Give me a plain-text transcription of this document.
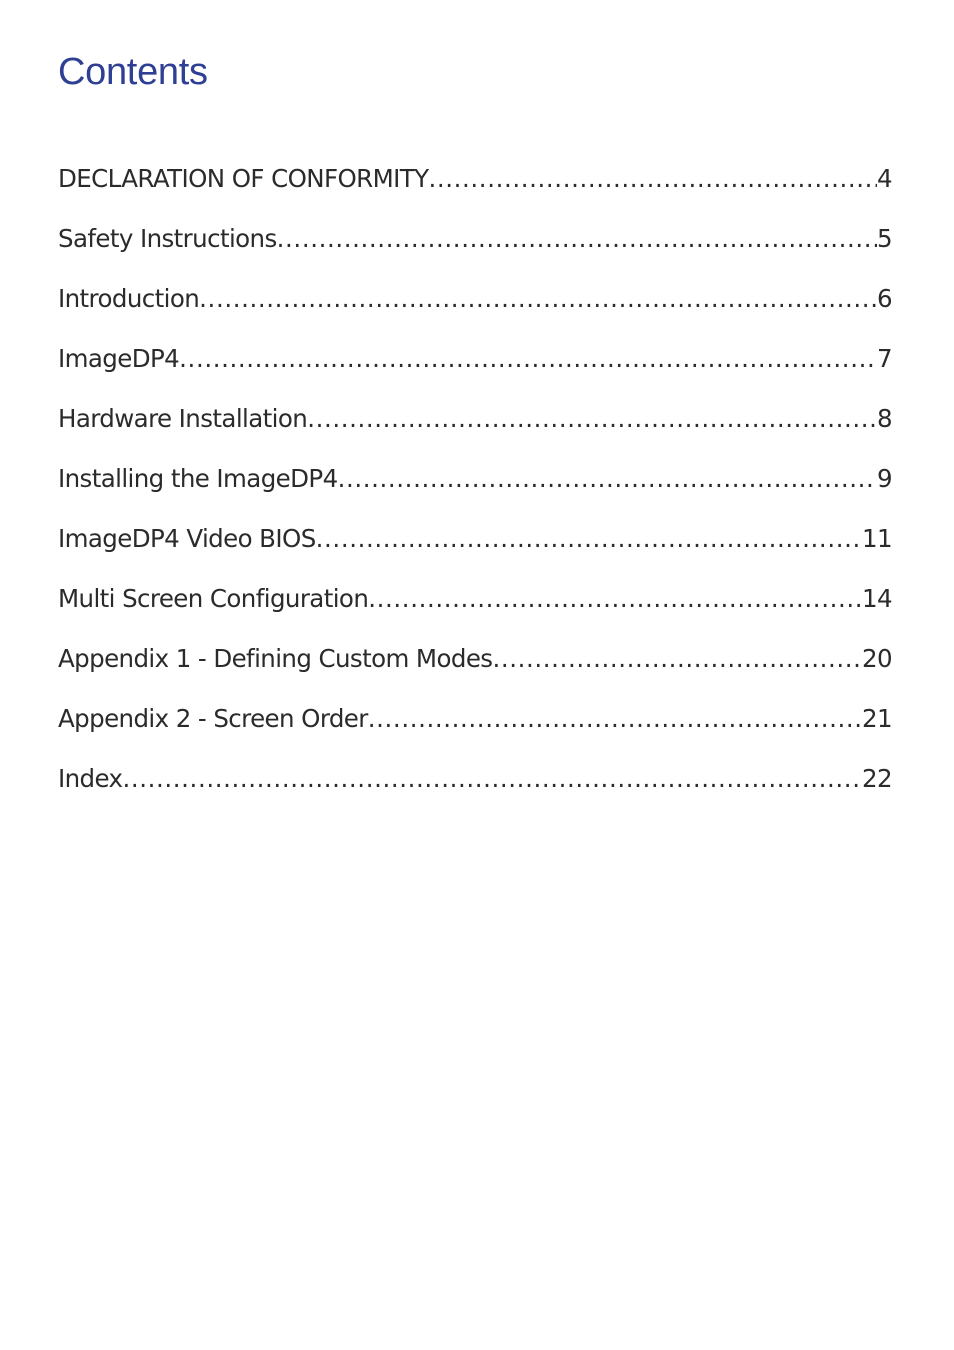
Contents
DECLARATION OF CONFORMITY .....	4
Safety Instructions .....	5
Introduction .....	6
ImageDP4 .....	7
Hardware Installation .....	8
Installing the ImageDP4 .....	9
ImageDP4 Video BIOS .....	11
Multi Screen Configuration .....	14
Appendix 1 - Defining Custom Modes .....	20
Appendix 2 - Screen Order .....	21
Index .....	22
